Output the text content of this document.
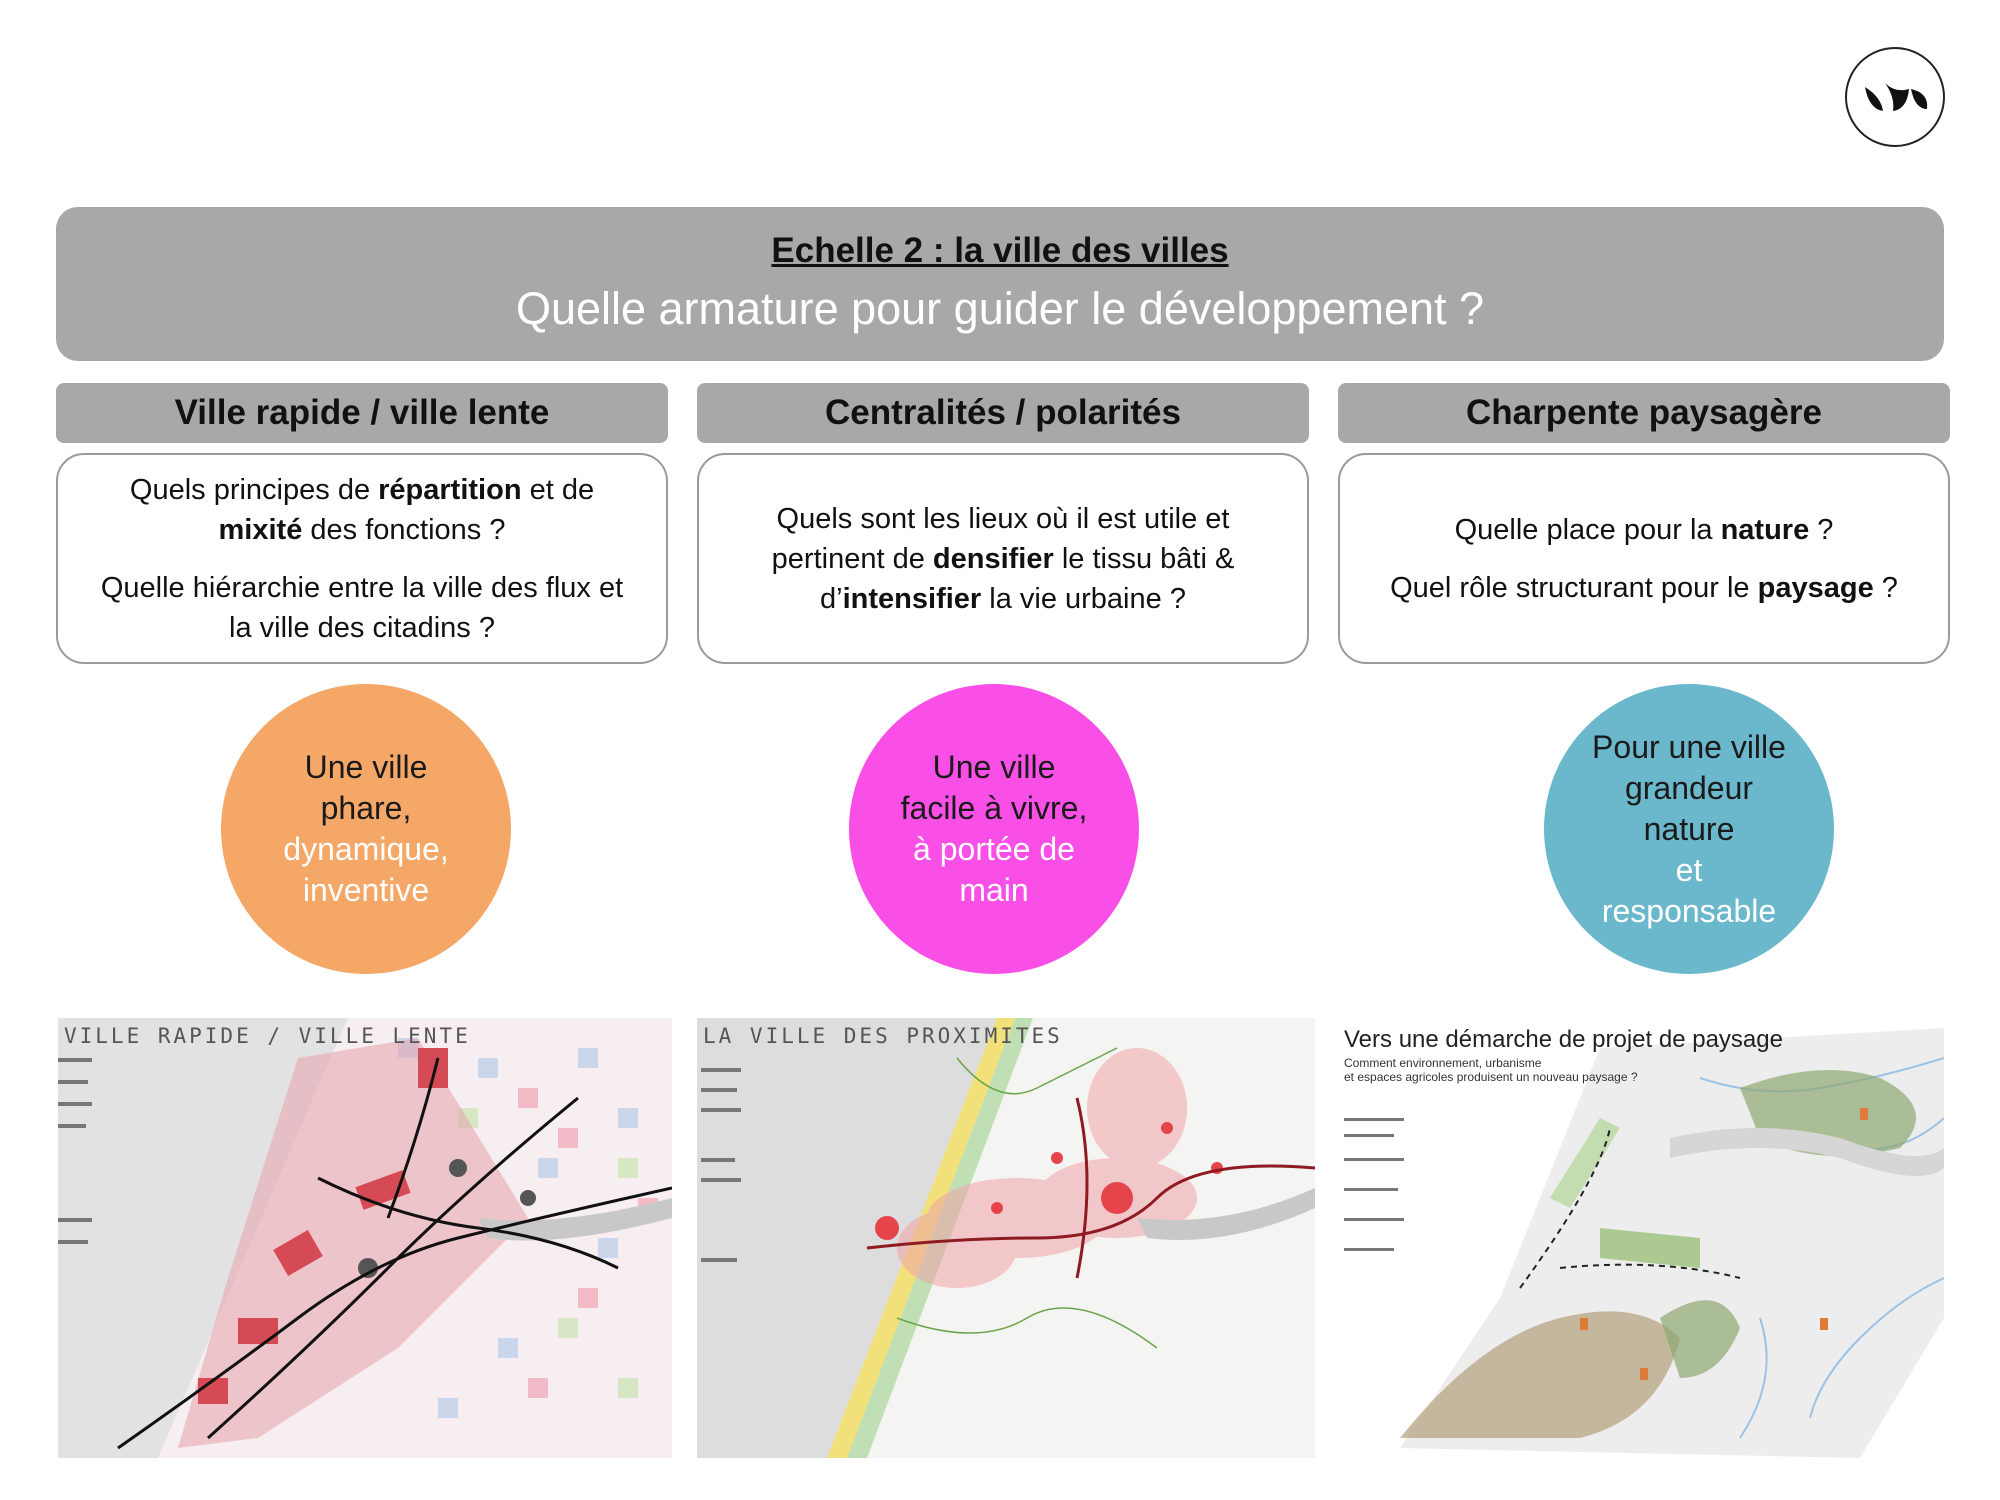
Echelle 2 : la ville des villes
Quelle armature pour guider le développement ?
Ville rapide / ville lente	Centralités / polarités	Charpente paysagère

Quels principes de répartition et de mixité des fonctions ?

Quelle hiérarchie entre la ville des flux et la ville des citadins ?

Quels sont les lieux où il est utile et pertinent de densifier le tissu bâti & d’intensifier la vie urbaine ?

Quelle place pour la nature ?

Quel rôle structurant pour le paysage ?

Une ville phare,
dynamique, inventive
Une ville facile à vivre,
à portée de main
Pour une ville grandeur nature
et responsable
VILLE RAPIDE / VILLE LENTE	LA VILLE DES PROXIMITES	Vers une démarche de projet de paysage
Comment environnement, urbanisme
et espaces agricoles produisent un nouveau paysage ?
